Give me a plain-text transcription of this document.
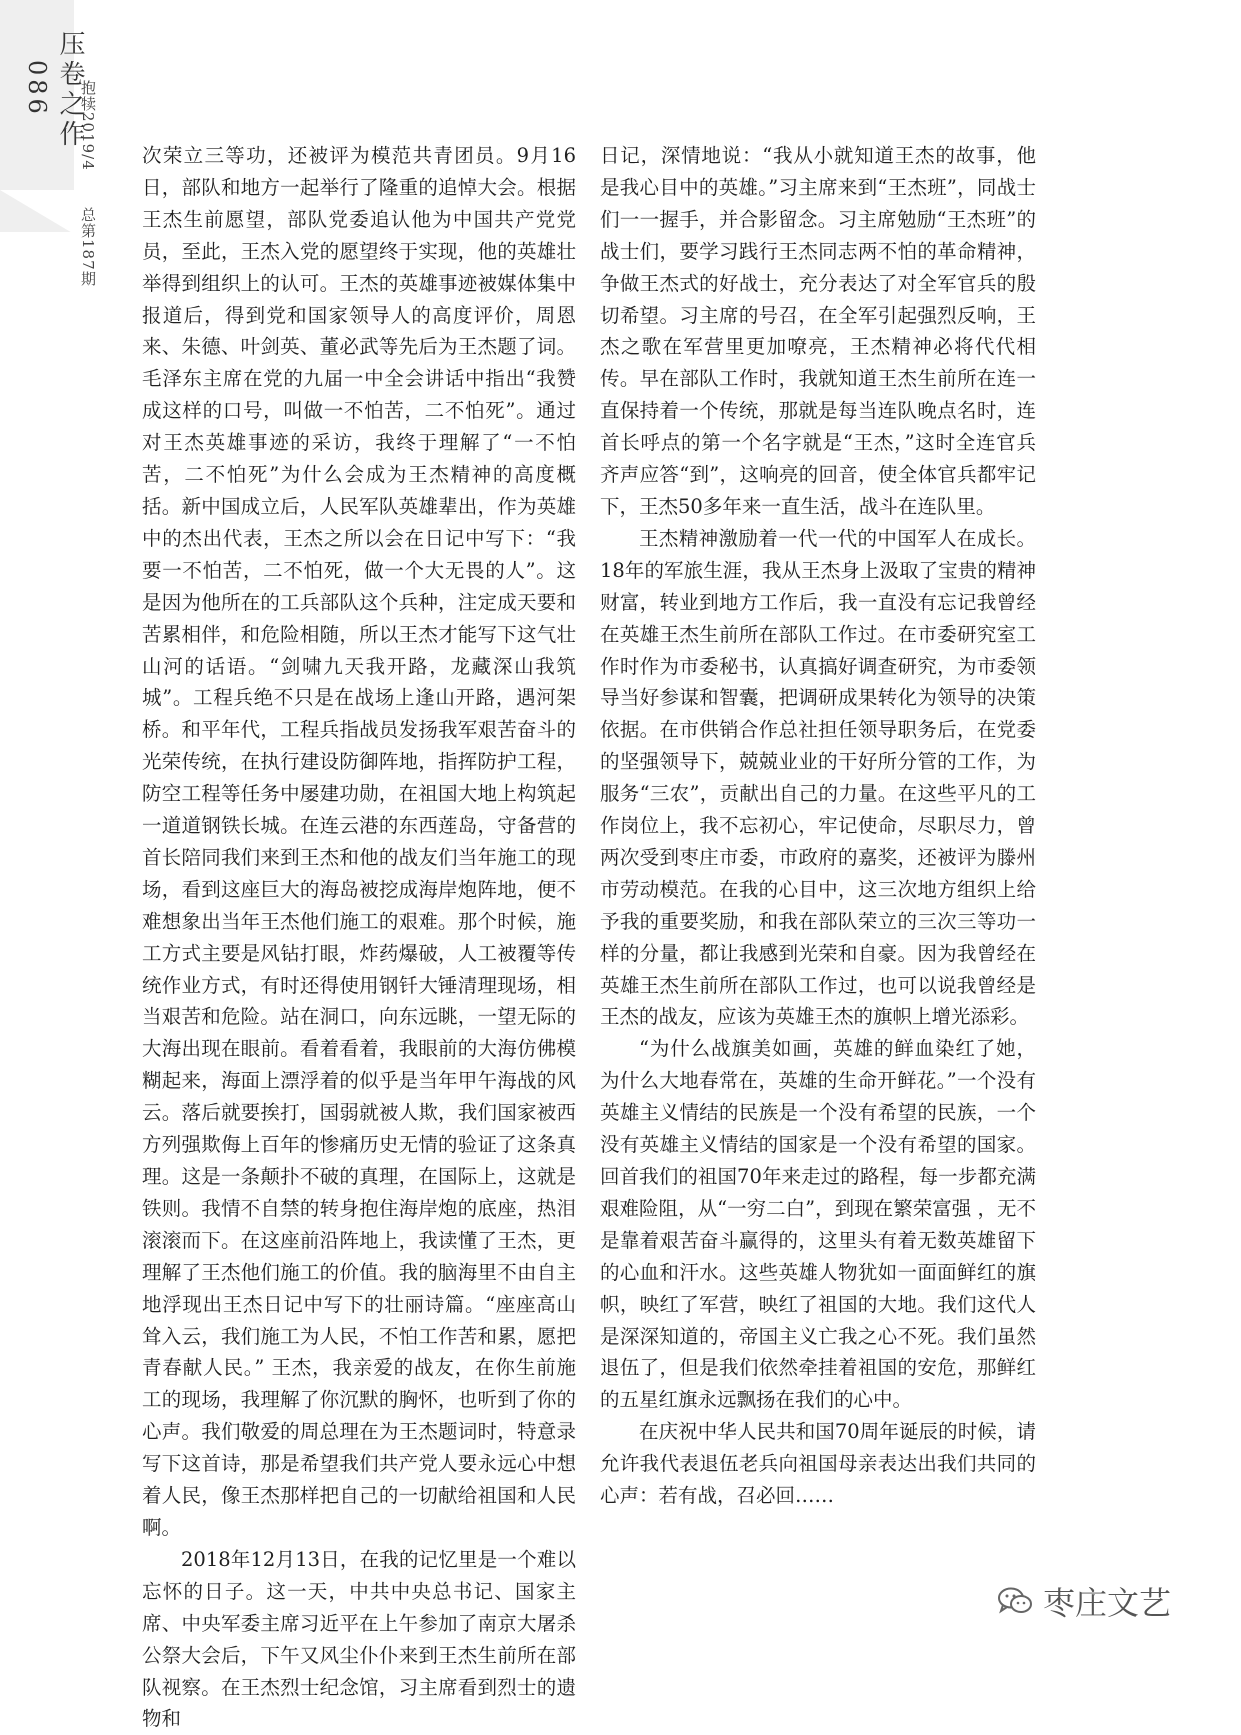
压卷之作 086	抱犊2019/4 总第187期

次荣立三等功，还被评为模范共青团员。9月16日，部队和地方一起举行了隆重的追悼大会。根据王杰生前愿望，部队党委追认他为中国共产党党员，至此，王杰入党的愿望终于实现，他的英雄壮举得到组织上的认可。王杰的英雄事迹被媒体集中报道后，得到党和国家领导人的高度评价，周恩来、朱德、叶剑英、董必武等先后为王杰题了词。毛泽东主席在党的九届一中全会讲话中指出“我赞成这样的口号，叫做一不怕苦，二不怕死”。通过对王杰英雄事迹的采访，我终于理解了“一不怕苦，二不怕死”为什么会成为王杰精神的高度概括。新中国成立后，人民军队英雄辈出，作为英雄中的杰出代表，王杰之所以会在日记中写下：“我要一不怕苦，二不怕死，做一个大无畏的人”。这是因为他所在的工兵部队这个兵种，注定成天要和苦累相伴，和危险相随，所以王杰才能写下这气壮山河的话语。“剑啸九天我开路，龙藏深山我筑城”。工程兵绝不只是在战场上逢山开路，遇河架桥。和平年代，工程兵指战员发扬我军艰苦奋斗的光荣传统，在执行建设防御阵地，指挥防护工程，防空工程等任务中屡建功勋，在祖国大地上构筑起一道道钢铁长城。在连云港的东西莲岛，守备营的首长陪同我们来到王杰和他的战友们当年施工的现场，看到这座巨大的海岛被挖成海岸炮阵地，便不难想象出当年王杰他们施工的艰难。那个时候，施工方式主要是风钻打眼，炸药爆破，人工被覆等传统作业方式，有时还得使用钢钎大锤清理现场，相当艰苦和危险。站在洞口，向东远眺，一望无际的大海出现在眼前。看着看着，我眼前的大海仿佛模糊起来，海面上漂浮着的似乎是当年甲午海战的风云。落后就要挨打，国弱就被人欺，我们国家被西方列强欺侮上百年的惨痛历史无情的验证了这条真理。这是一条颠扑不破的真理，在国际上，这就是铁则。我情不自禁的转身抱住海岸炮的底座，热泪滚滚而下。在这座前沿阵地上，我读懂了王杰，更理解了王杰他们施工的价值。我的脑海里不由自主地浮现出王杰日记中写下的壮丽诗篇。“座座高山耸入云，我们施工为人民，不怕工作苦和累，愿把青春献人民。” 王杰，我亲爱的战友，在你生前施工的现场，我理解了你沉默的胸怀，也听到了你的心声。我们敬爱的周总理在为王杰题词时，特意录写下这首诗，那是希望我们共产党人要永远心中想着人民，像王杰那样把自己的一切献给祖国和人民啊。

2018年12月13日，在我的记忆里是一个难以忘怀的日子。这一天，中共中央总书记、国家主席、中央军委主席习近平在上午参加了南京大屠杀公祭大会后，下午又风尘仆仆来到王杰生前所在部队视察。在王杰烈士纪念馆，习主席看到烈士的遗物和

日记，深情地说：“我从小就知道王杰的故事，他是我心目中的英雄。”习主席来到“王杰班”，同战士们一一握手，并合影留念。习主席勉励“王杰班”的战士们，要学习践行王杰同志两不怕的革命精神，争做王杰式的好战士，充分表达了对全军官兵的殷切希望。习主席的号召，在全军引起强烈反响，王杰之歌在军营里更加嘹亮，王杰精神必将代代相传。早在部队工作时，我就知道王杰生前所在连一直保持着一个传统，那就是每当连队晚点名时，连首长呼点的第一个名字就是“王杰，”这时全连官兵齐声应答“到”，这响亮的回音，使全体官兵都牢记下，王杰50多年来一直生活，战斗在连队里。

王杰精神激励着一代一代的中国军人在成长。18年的军旅生涯，我从王杰身上汲取了宝贵的精神财富，转业到地方工作后，我一直没有忘记我曾经在英雄王杰生前所在部队工作过。在市委研究室工作时作为市委秘书，认真搞好调查研究，为市委领导当好参谋和智囊，把调研成果转化为领导的决策依据。在市供销合作总社担任领导职务后，在党委的坚强领导下，兢兢业业的干好所分管的工作，为服务“三农”，贡献出自己的力量。在这些平凡的工作岗位上，我不忘初心，牢记使命，尽职尽力，曾两次受到枣庄市委，市政府的嘉奖，还被评为滕州市劳动模范。在我的心目中，这三次地方组织上给予我的重要奖励，和我在部队荣立的三次三等功一样的分量，都让我感到光荣和自豪。因为我曾经在英雄王杰生前所在部队工作过，也可以说我曾经是王杰的战友，应该为英雄王杰的旗帜上增光添彩。

“为什么战旗美如画，英雄的鲜血染红了她，为什么大地春常在，英雄的生命开鲜花。”一个没有英雄主义情结的民族是一个没有希望的民族，一个没有英雄主义情结的国家是一个没有希望的国家。回首我们的祖国70年来走过的路程，每一步都充满艰难险阻，从“一穷二白”，到现在繁荣富强 ，无不是靠着艰苦奋斗赢得的，这里头有着无数英雄留下的心血和汗水。这些英雄人物犹如一面面鲜红的旗帜，映红了军营，映红了祖国的大地。我们这代人是深深知道的，帝国主义亡我之心不死。我们虽然退伍了，但是我们依然牵挂着祖国的安危，那鲜红的五星红旗永远飘扬在我们的心中。

在庆祝中华人民共和国70周年诞辰的时候，请允许我代表退伍老兵向祖国母亲表达出我们共同的心声：若有战，召必回……

枣庄文艺
